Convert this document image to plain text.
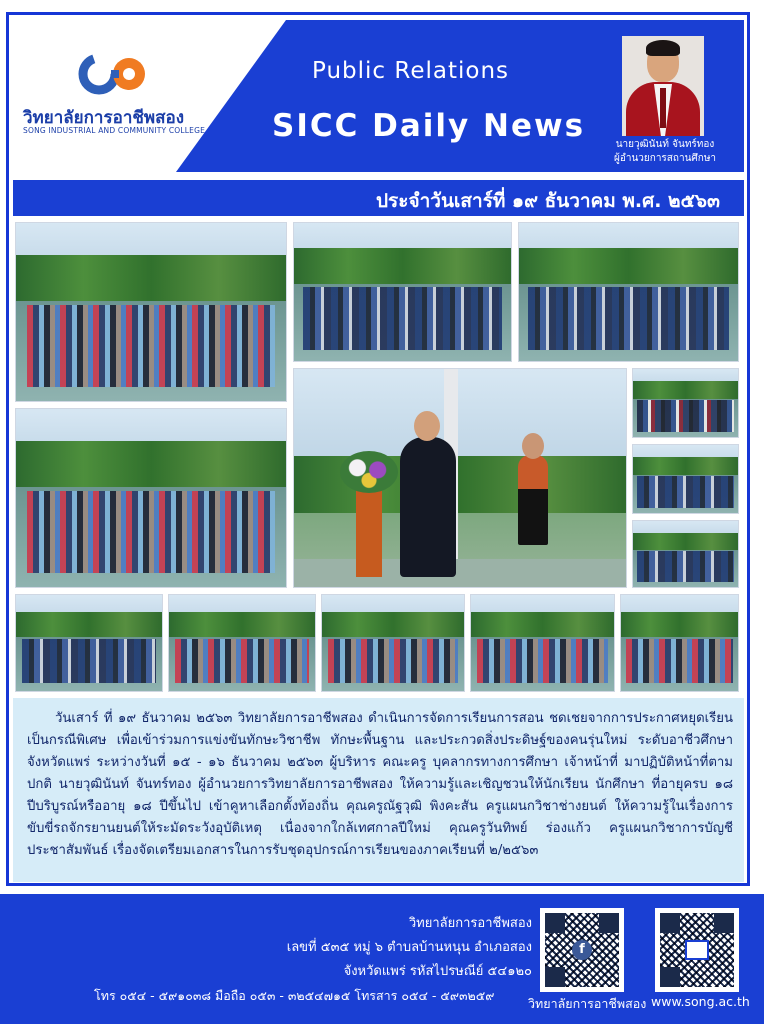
วิทยาลัยการอาชีพสอง
SONG INDUSTRIAL AND COMMUNITY COLLEGE
Public Relations
SICC Daily News
นายวุฒินันท์ จันทร์ทอง
ผู้อำนวยการสถานศึกษา
ประจำวันเสาร์ที่ ๑๙ ธันวาคม พ.ศ. ๒๕๖๓

วันเสาร์ ที่ ๑๙ ธันวาคม ๒๕๖๓ วิทยาลัยการอาชีพสอง ดำเนินการจัดการเรียนการสอน ชดเชยจากการประกาศหยุดเรียนเป็นกรณีพิเศษ เพื่อเข้าร่วมการแข่งขันทักษะวิชาชีพ ทักษะพื้นฐาน และประกวดสิ่งประดิษฐ์ของคนรุ่นใหม่ ระดับอาชีวศึกษาจังหวัดแพร่ ระหว่างวันที่ ๑๕ - ๑๖ ธันวาคม ๒๕๖๓ ผู้บริหาร คณะครู บุคลากรทางการศึกษา เจ้าหน้าที่ มาปฏิบัติหน้าที่ตามปกติ นายวุฒินันท์ จันทร์ทอง ผู้อำนวยการวิทยาลัยการอาชีพสอง ให้ความรู้และเชิญชวนให้นักเรียน นักศึกษา ที่อายุครบ ๑๘ ปีบริบูรณ์หรืออายุ ๑๘ ปีขึ้นไป เข้าคูหาเลือกตั้งท้องถิ่น คุณครูณัฐวุฒิ พิงคะสัน ครูแผนกวิชาช่างยนต์ ให้ความรู้ในเรื่องการขับขี่รถจักรยานยนต์ให้ระมัดระวังอุบัติเหตุ เนื่องจากใกล้เทศกาลปีใหม่ คุณครูวันทิพย์ ร่องแก้ว ครูแผนกวิชาการบัญชี ประชาสัมพันธ์ เรื่องจัดเตรียมเอกสารในการรับชุดอุปกรณ์การเรียนของภาคเรียนที่ ๒/๒๕๖๓

วิทยาลัยการอาชีพสอง
เลขที่ ๕๓๕ หมู่ ๖ ตำบลบ้านหนุน อำเภอสอง
จังหวัดแพร่ รหัสไปรษณีย์ ๕๔๑๒๐
โทร ๐๕๔ - ๕๙๑๐๓๘ มือถือ ๐๕๓ - ๓๒๕๔๗๑๕ โทรสาร ๐๕๔ - ๕๙๓๒๕๙
f
วิทยาลัยการอาชีพสอง www.song.ac.th
